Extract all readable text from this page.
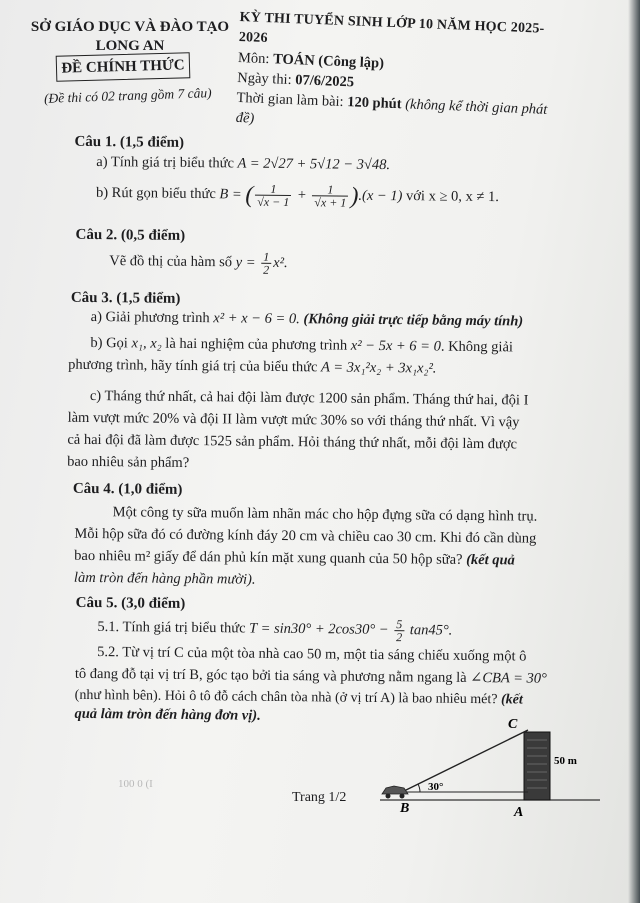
SỞ GIÁO DỤC VÀ ĐÀO TẠO
LONG AN
ĐỀ CHÍNH THỨC
(Đề thi có 02 trang gồm 7 câu)
KỲ THI TUYỂN SINH LỚP 10 NĂM HỌC 2025-2026
Môn: TOÁN (Công lập)
Ngày thi: 07/6/2025
Thời gian làm bài: 120 phút (không kể thời gian phát đề)
Câu 1. (1,5 điểm)
a) Tính giá trị biểu thức A = 2√27 + 5√12 − 3√48.
b) Rút gọn biểu thức B = ( $\frac{1}{√x - 1} + \frac{1}{√x + 1} ).(x - 1)$ với x ≥ 0, x ≠ 1.
Câu 2. (0,5 điểm)
Vẽ đồ thị của hàm số $y = \frac{1}{2} x^2$.
Câu 3. (1,5 điểm)
a) Giải phương trình x² + x − 6 = 0. (Không giải trực tiếp bằng máy tính)
b) Gọi x₁, x₂ là hai nghiệm của phương trình x² − 5x + 6 = 0. Không giải
phương trình, hãy tính giá trị của biểu thức A = 3x₁²x₂ + 3x₁x₂².
c) Tháng thứ nhất, cả hai đội làm được 1200 sản phẩm. Tháng thứ hai, đội I
làm vượt mức 20% và đội II làm vượt mức 30% so với tháng thứ nhất. Vì vậy
cả hai đội đã làm được 1525 sản phẩm. Hỏi tháng thứ nhất, mỗi đội làm được
bao nhiêu sản phẩm?
Câu 4. (1,0 điểm)
Một công ty sữa muốn làm nhãn mác cho hộp đựng sữa có dạng hình trụ.
Mỗi hộp sữa đó có đường kính đáy 20 cm và chiều cao 30 cm. Khi đó cần dùng
bao nhiêu m² giấy để dán phủ kín mặt xung quanh của 50 hộp sữa? (kết quả
làm tròn đến hàng phần mười).
Câu 5. (3,0 điểm)
5.1. Tính giá trị biểu thức $T = \sin 30^\circ + 2\cos 30^\circ - \frac{5}{2} \tan 45^\circ$.
5.2. Từ vị trí C của một tòa nhà cao 50 m, một tia sáng chiếu xuống một ô
tô đang đỗ tại vị trí B, góc tạo bởi tia sáng và phương nằm ngang là ∠CBA = 30°
(như hình bên). Hỏi ô tô đỗ cách chân tòa nhà (ở vị trí A) là bao nhiêu mét? (kết
quả làm tròn đến hàng đơn vị).
B	A
C
50 m
30°
100 0 (I
Trang 1/2
